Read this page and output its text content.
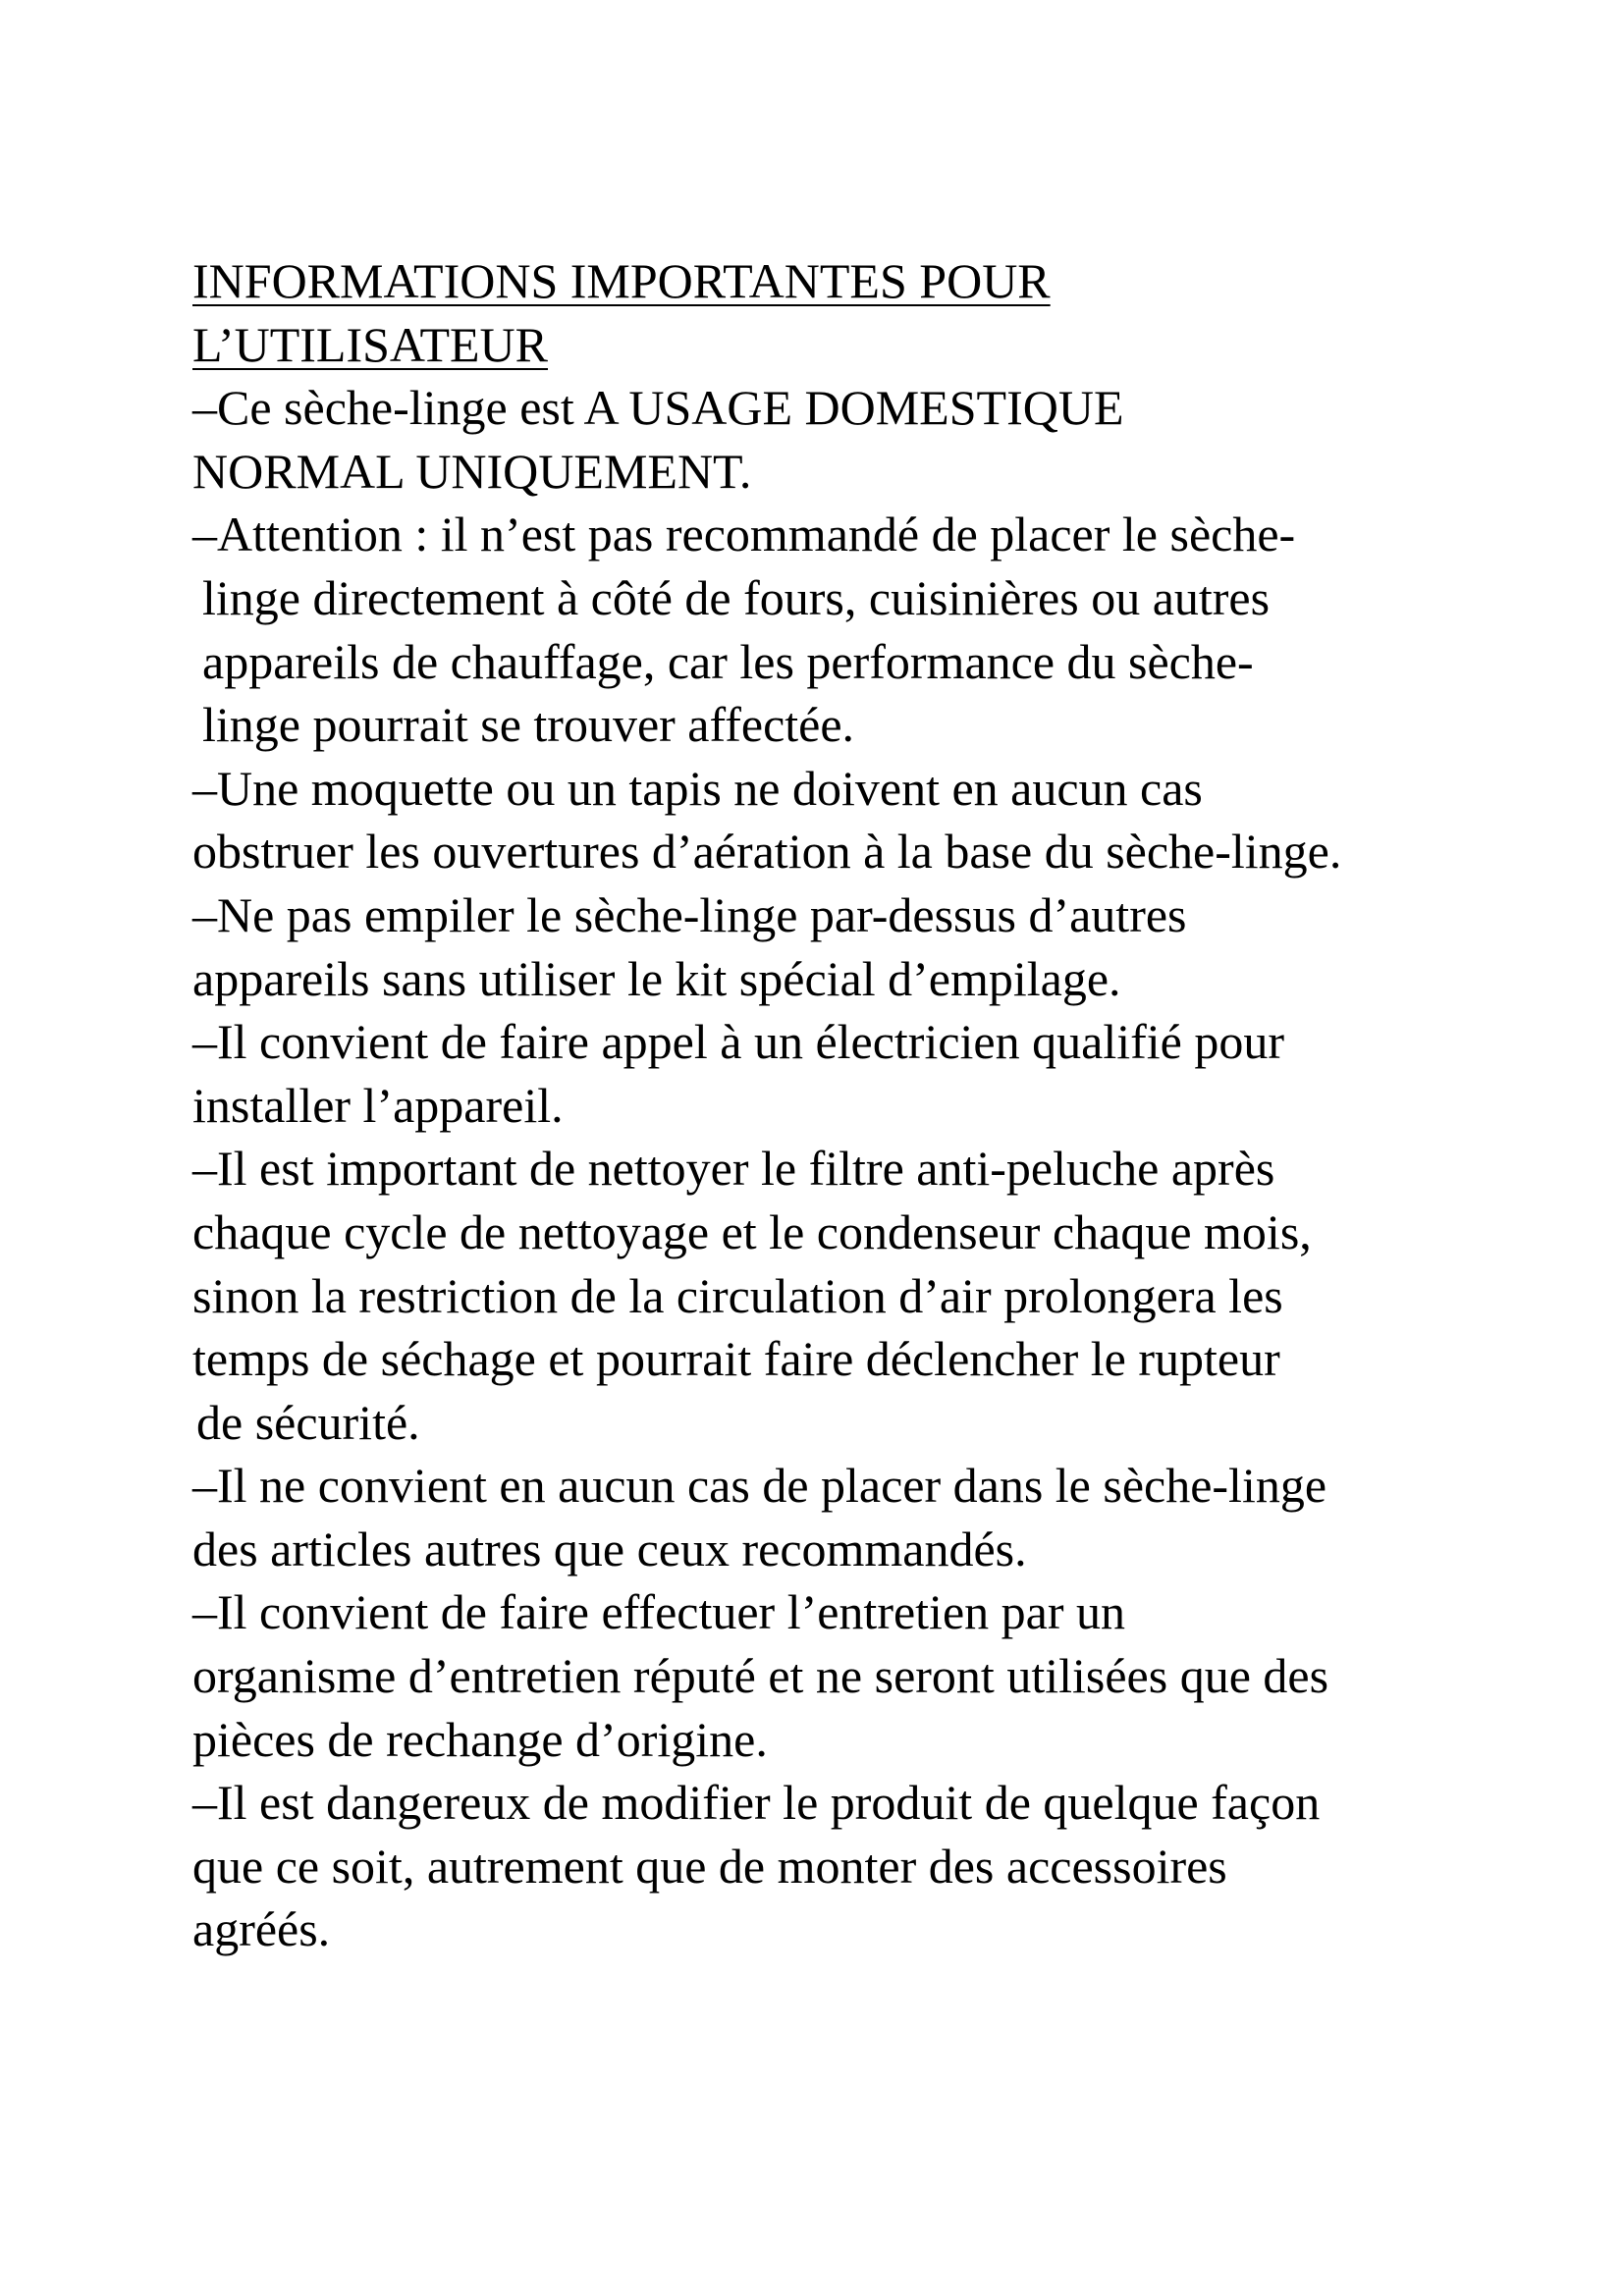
INFORMATIONS IMPORTANTES POUR
L’UTILISATEUR

–Ce sèche-linge est A USAGE DOMESTIQUE
NORMAL UNIQUEMENT.

–Attention : il n’est pas recommandé de placer le sèche-
linge directement à côté de fours, cuisinières ou autres
appareils de chauffage, car les performance du sèche-
linge pourrait se trouver affectée.

–Une moquette ou un tapis ne doivent en aucun cas
obstruer les ouvertures d’aération à la base du sèche-linge.

–Ne pas empiler le sèche-linge par-dessus d’autres
appareils sans utiliser le kit spécial d’empilage.

–Il convient de faire appel à un électricien qualifié pour
installer l’appareil.

–Il est important de nettoyer le filtre anti-peluche après
chaque cycle de nettoyage et le condenseur chaque mois,
sinon la restriction de la circulation d’air prolongera les
temps de séchage et pourrait faire déclencher le rupteur
de sécurité.

–Il ne convient en aucun cas de placer dans le sèche-linge
des articles autres que ceux recommandés.

–Il convient de faire effectuer l’entretien par un
organisme d’entretien réputé et ne seront utilisées que des
pièces de rechange d’origine.

–Il est dangereux de modifier le produit de quelque façon
que ce soit, autrement que de monter des accessoires
agréés.
